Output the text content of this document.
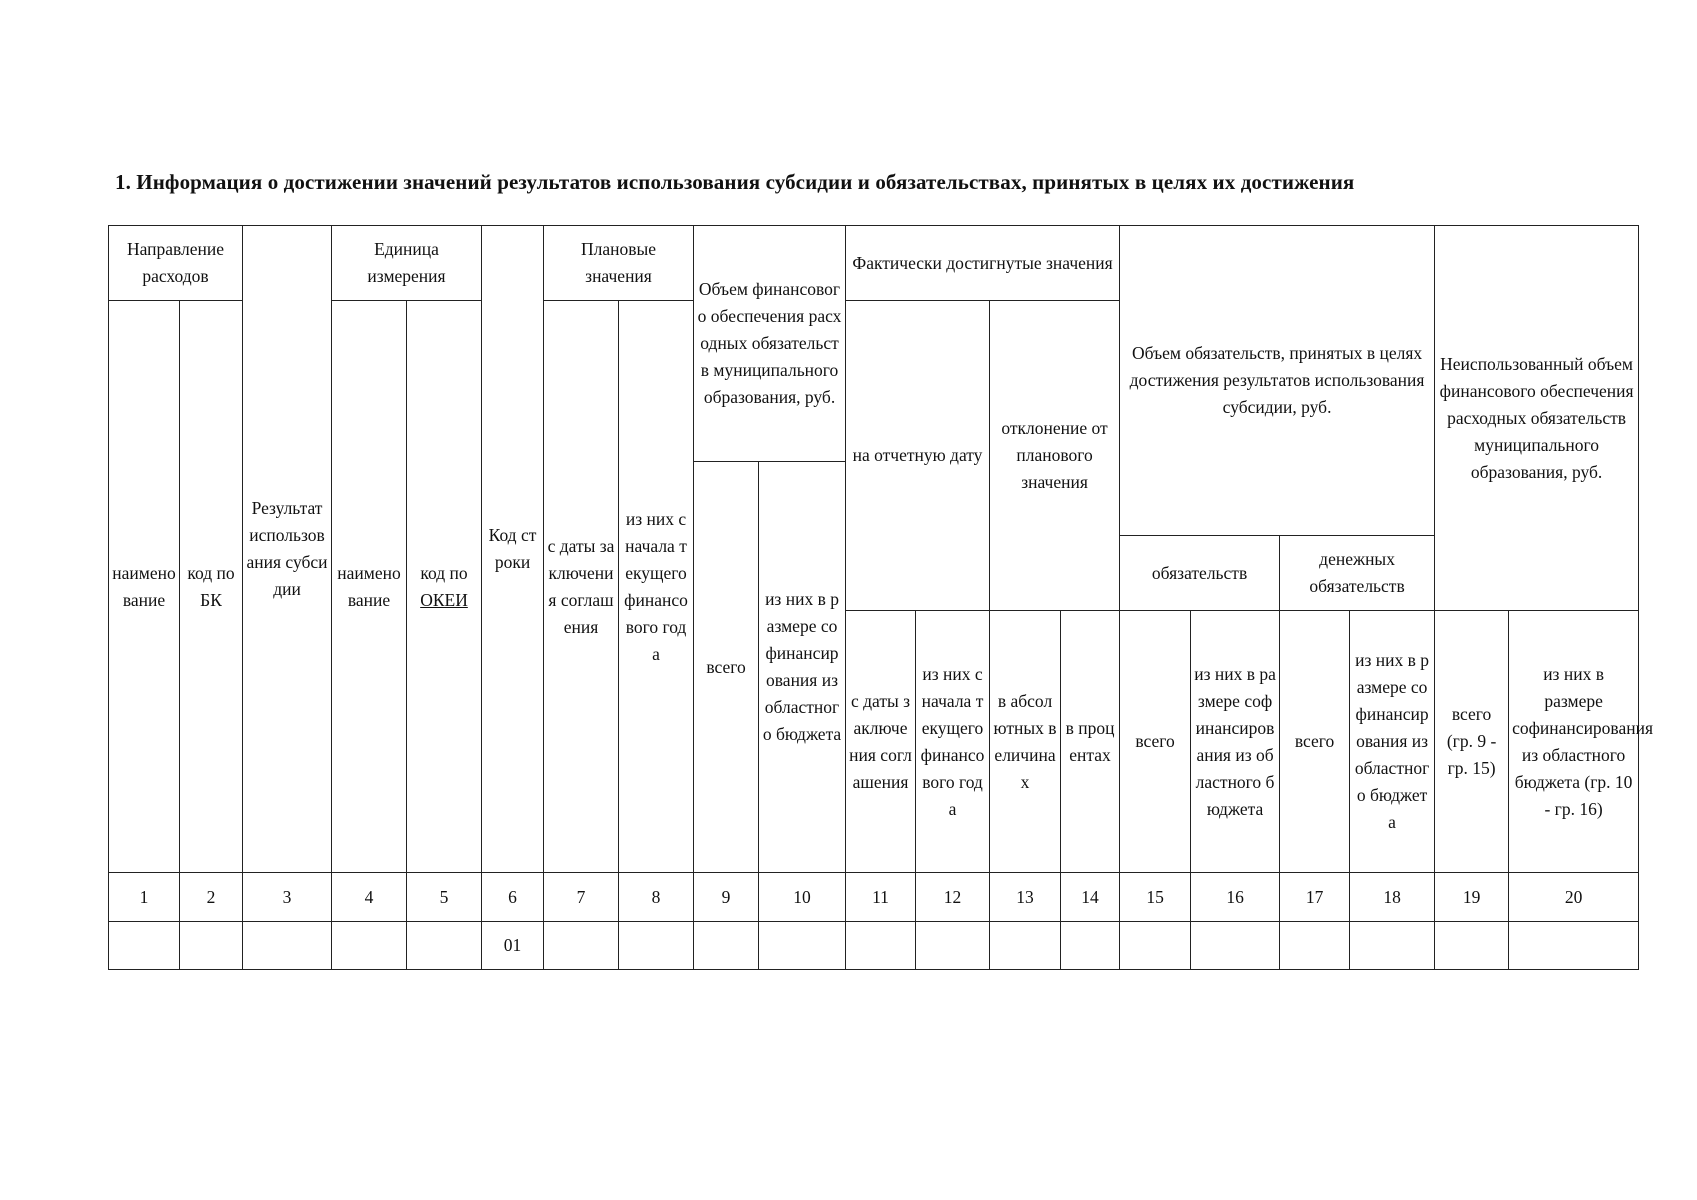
1. Информация о достижении значений результатов использования субсидии и обязательствах, принятых в целях их достижения
Направление расходов		Результат использования субсидии	Единица измерения		Код строки	Плановые значения		Объем финансового обеспечения расходных обязательств муниципального образования, руб.		Фактически достигнутые значения				Объем обязательств, принятых в целях достижения результатов использования субсидии, руб.				Неиспользованный объем финансового обеспечения расходных обязательств муниципального образования, руб.	
наименование	код по БК		наименование	код по ОКЕИ		с даты заключения соглашения	из них с начала текущего финансового года			на отчетную дату		отклонение от планового значения							
								всего	из них в размере софинансирования из областного бюджета										
														обязательств		денежных обязательств			
										с даты заключения соглашения	из них с начала текущего финансового года	в абсолютных величинах	в процентах	всего	из них в размере софинансирования из областного бюджета	всего	из них в размере софинансирования из областного бюджета	всего (гр. 9 - гр. 15)	из них в размере софинансирования из областного бюджета (гр. 10 - гр. 16)
1	2	3	4	5	6	7	8	9	10	11	12	13	14	15	16	17	18	19	20
					01														
